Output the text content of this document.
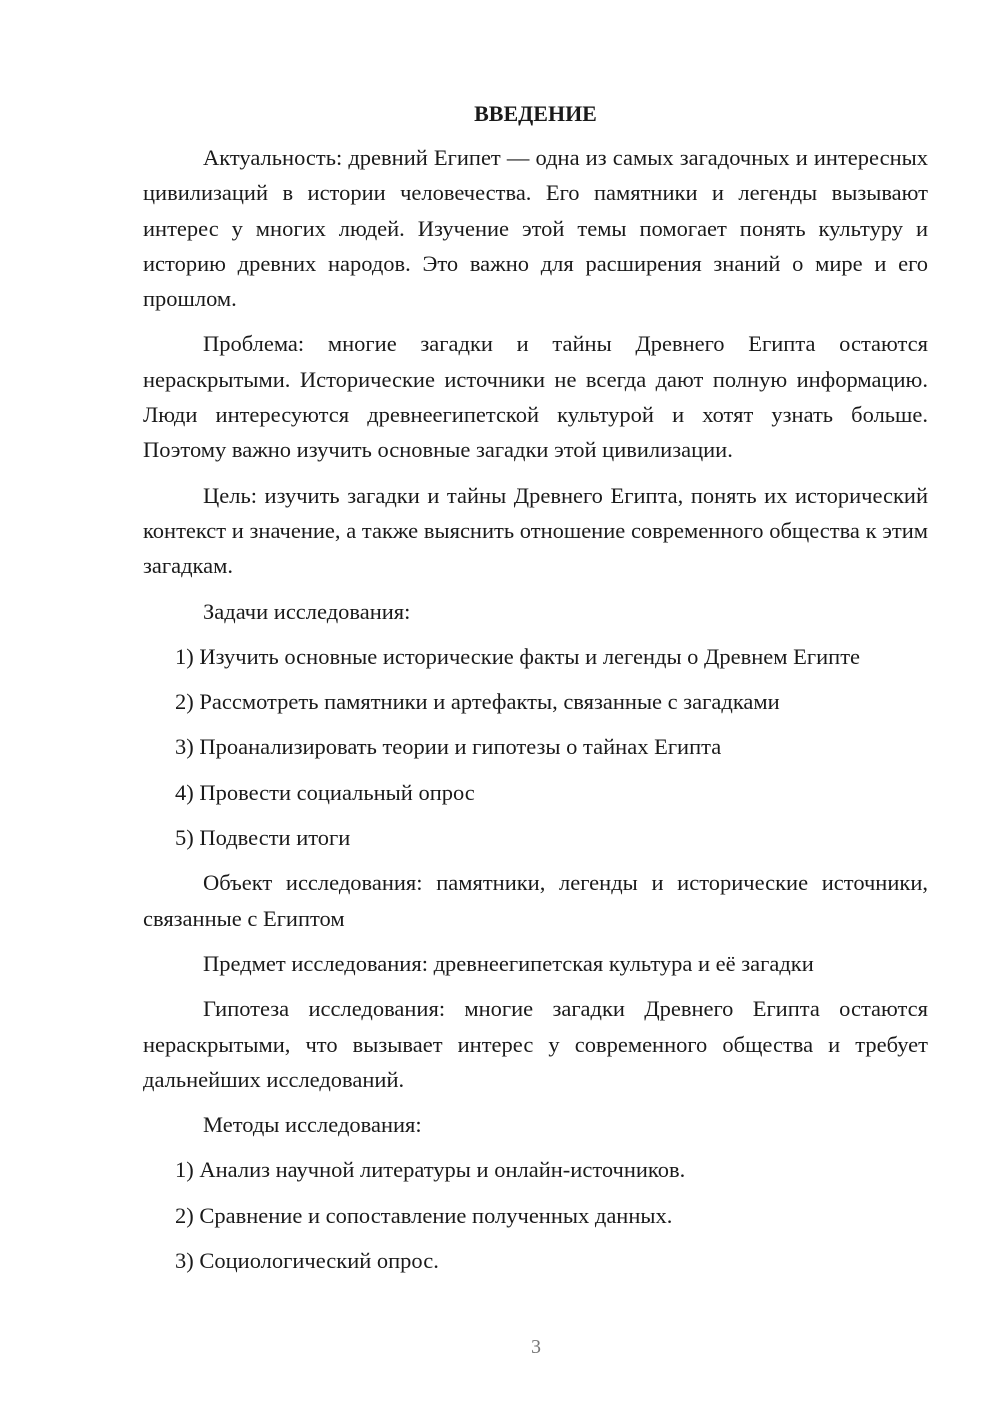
ВВЕДЕНИЕ

Актуальность: древний Египет — одна из самых загадочных и интересных цивилизаций в истории человечества. Его памятники и легенды вызывают интерес у многих людей. Изучение этой темы помогает понять культуру и историю древних народов. Это важно для расширения знаний о мире и его прошлом.

Проблема: многие загадки и тайны Древнего Египта остаются нераскрытыми. Исторические источники не всегда дают полную информацию. Люди интересуются древнеегипетской культурой и хотят узнать больше. Поэтому важно изучить основные загадки этой цивилизации.

Цель: изучить загадки и тайны Древнего Египта, понять их исторический контекст и значение, а также выяснить отношение современного общества к этим загадкам.

Задачи исследования:

1) Изучить основные исторические факты и легенды о Древнем Египте

2) Рассмотреть памятники и артефакты, связанные с загадками

3) Проанализировать теории и гипотезы о тайнах Египта

4) Провести социальный опрос

5) Подвести итоги

Объект исследования: памятники, легенды и исторические источники, связанные с Египтом

Предмет исследования: древнеегипетская культура и её загадки

Гипотеза исследования: многие загадки Древнего Египта остаются нераскрытыми, что вызывает интерес у современного общества и требует дальнейших исследований.

Методы исследования:

1) Анализ научной литературы и онлайн-источников.

2) Сравнение и сопоставление полученных данных.

3) Социологический опрос.

3
